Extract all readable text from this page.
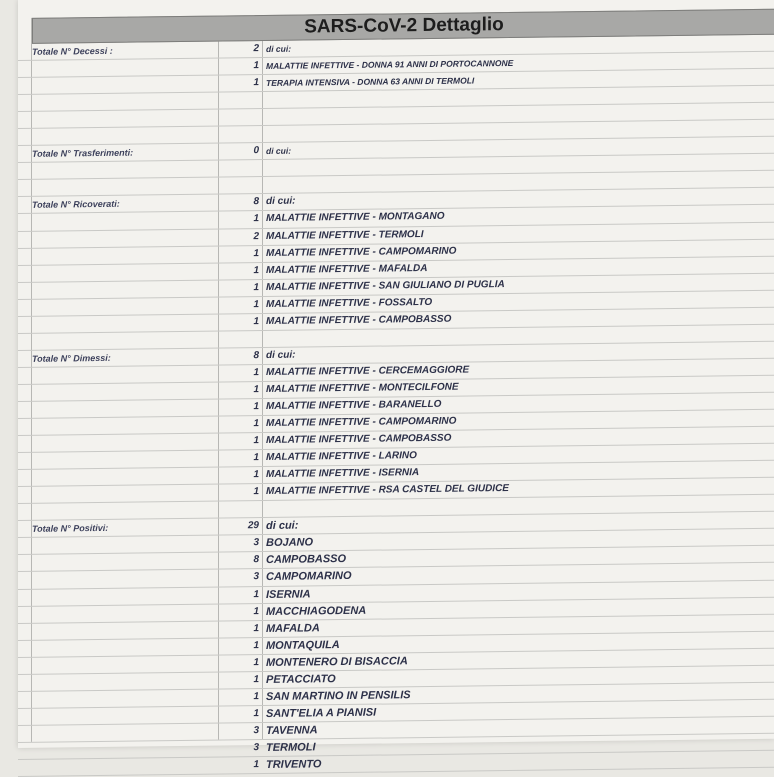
SARS-CoV-2 Dettaglio
Totale N° Decessi :	2 di cui:
1 MALATTIE INFETTIVE - DONNA 91 ANNI DI PORTOCANNONE
1 TERAPIA INTENSIVA - DONNA 63 ANNI DI TERMOLI
Totale N° Trasferimenti:	0 di cui:
Totale N° Ricoverati:	8 di cui:
1 MALATTIE INFETTIVE - MONTAGANO
2 MALATTIE INFETTIVE - TERMOLI
1 MALATTIE INFETTIVE - CAMPOMARINO
1 MALATTIE INFETTIVE - MAFALDA
1 MALATTIE INFETTIVE - SAN GIULIANO DI PUGLIA
1 MALATTIE INFETTIVE - FOSSALTO
1 MALATTIE INFETTIVE - CAMPOBASSO
Totale N° Dimessi:	8 di cui:
1 MALATTIE INFETTIVE - CERCEMAGGIORE
1 MALATTIE INFETTIVE - MONTECILFONE
1 MALATTIE INFETTIVE - BARANELLO
1 MALATTIE INFETTIVE - CAMPOMARINO
1 MALATTIE INFETTIVE - CAMPOBASSO
1 MALATTIE INFETTIVE - LARINO
1 MALATTIE INFETTIVE - ISERNIA
1 MALATTIE INFETTIVE - RSA CASTEL DEL GIUDICE
Totale N° Positivi:	29 di cui:
3 BOJANO
8 CAMPOBASSO
3 CAMPOMARINO
1 ISERNIA
1 MACCHIAGODENA
1 MAFALDA
1 MONTAQUILA
1 MONTENERO DI BISACCIA
1 PETACCIATO
1 SAN MARTINO IN PENSILIS
1 SANT'ELIA A PIANISI
3 TAVENNA
3 TERMOLI
1 TRIVENTO
